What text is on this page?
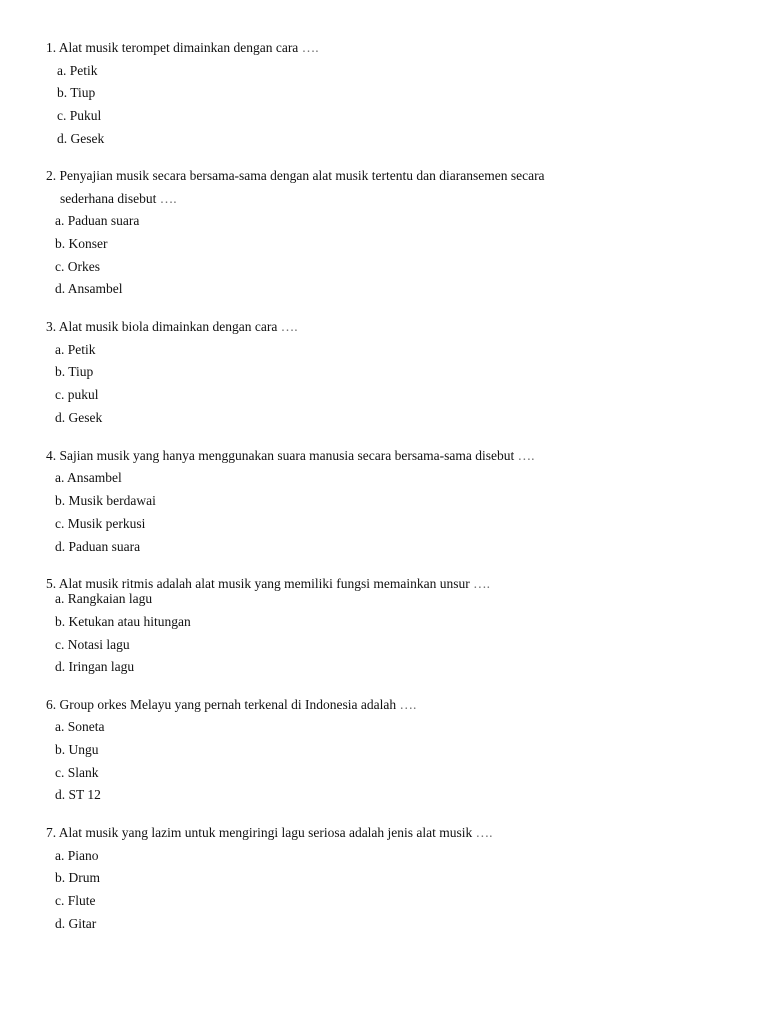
1. Alat musik terompet dimainkan dengan cara ….
a. Petik
b. Tiup
c. Pukul
d. Gesek
2. Penyajian musik secara bersama-sama dengan alat musik tertentu dan diaransemen secara
sederhana disebut ….
a. Paduan suara
b. Konser
c. Orkes
d. Ansambel
3. Alat musik biola dimainkan dengan cara ….
a. Petik
b. Tiup
c. pukul
d. Gesek
4. Sajian musik yang hanya menggunakan suara manusia secara bersama-sama disebut ….
a. Ansambel
b. Musik berdawai
c. Musik perkusi
d. Paduan suara
5. Alat musik ritmis adalah alat musik yang memiliki fungsi memainkan unsur ….
a. Rangkaian lagu
b. Ketukan atau hitungan
c. Notasi lagu
d. Iringan lagu
6. Group orkes Melayu yang pernah terkenal di Indonesia adalah ….
a. Soneta
b. Ungu
c. Slank
d. ST 12
7. Alat musik yang lazim untuk mengiringi lagu seriosa adalah jenis alat musik ….
a. Piano
b. Drum
c. Flute
d. Gitar
